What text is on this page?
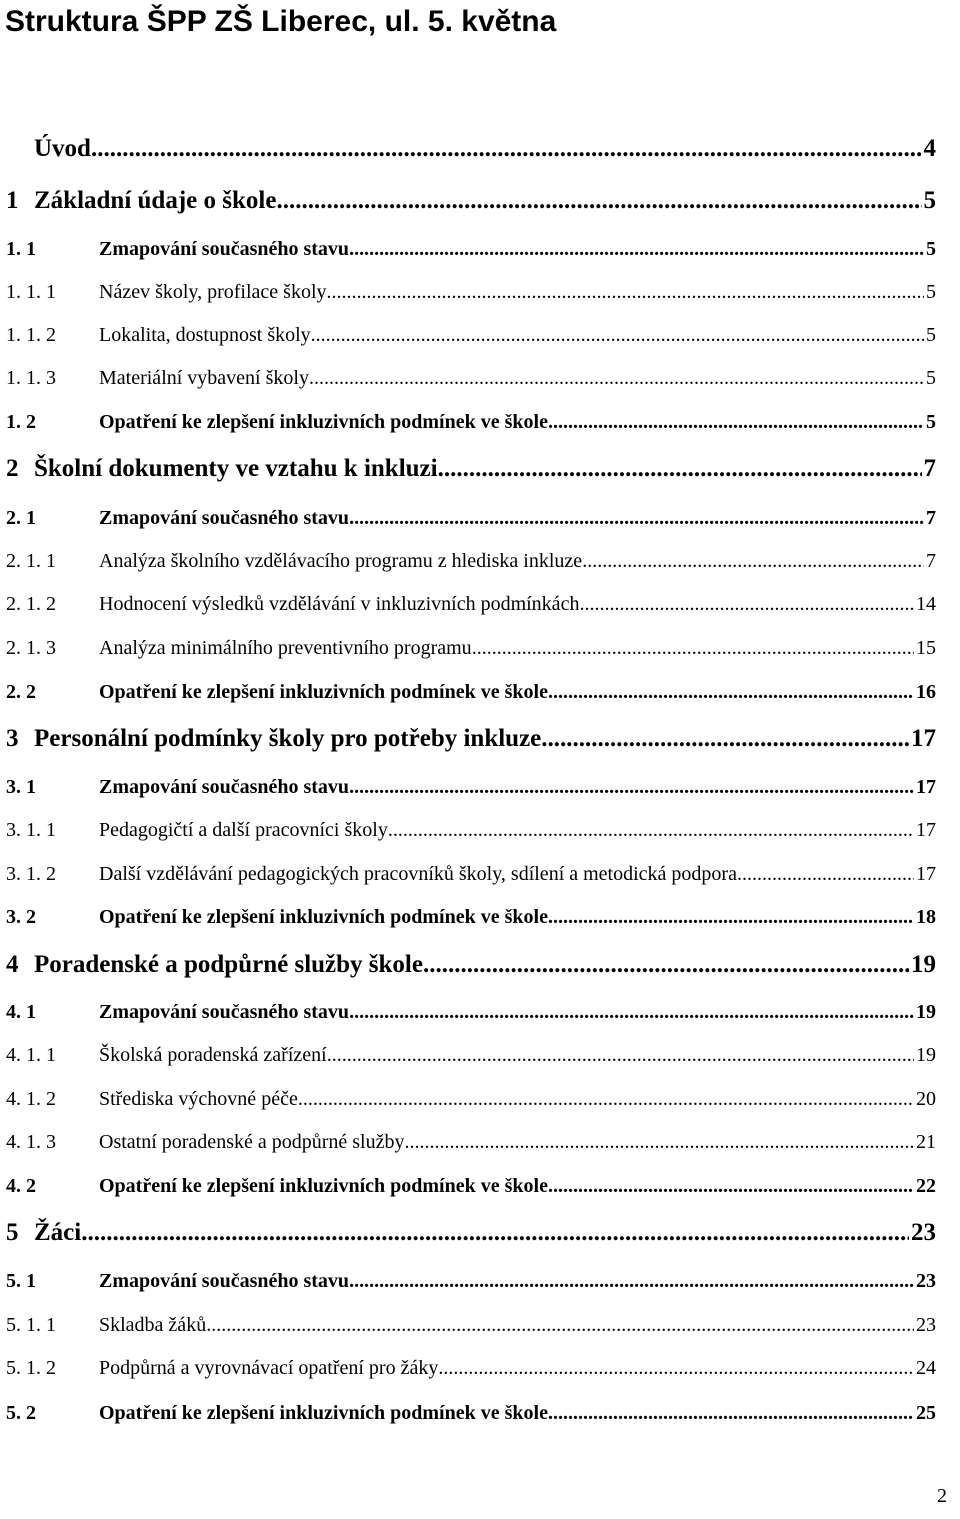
Struktura ŠPP ZŠ Liberec, ul. 5. května
Úvod .....	4
1 Základní údaje o škole .....	5
1. 1	Zmapování současného stavu .....	5
1. 1. 1	Název školy, profilace školy .....	5
1. 1. 2	Lokalita, dostupnost školy .....	5
1. 1. 3	Materiální vybavení školy .....	5
1. 2	Opatření ke zlepšení inkluzivních podmínek ve škole .....	5
2 Školní dokumenty ve vztahu k inkluzi .....	7
2. 1	Zmapování současného stavu .....	7
2. 1. 1	Analýza školního vzdělávacího programu z hlediska inkluze .....	7
2. 1. 2	Hodnocení výsledků vzdělávání v inkluzivních podmínkách .....	14
2. 1. 3	Analýza minimálního preventivního programu .....	15
2. 2	Opatření ke zlepšení inkluzivních podmínek ve škole .....	16
3 Personální podmínky školy pro potřeby inkluze .....	17
3. 1	Zmapování současného stavu .....	17
3. 1. 1	Pedagogičtí a další pracovníci školy .....	17
3. 1. 2	Další vzdělávání pedagogických pracovníků školy, sdílení a metodická podpora .....	17
3. 2	Opatření ke zlepšení inkluzivních podmínek ve škole .....	18
4 Poradenské a podpůrné služby škole .....	19
4. 1	Zmapování současného stavu .....	19
4. 1. 1	Školská poradenská zařízení .....	19
4. 1. 2	Střediska výchovné péče .....	20
4. 1. 3	Ostatní poradenské a podpůrné služby .....	21
4. 2	Opatření ke zlepšení inkluzivních podmínek ve škole .....	22
5 Žáci .....	23
5. 1	Zmapování současného stavu .....	23
5. 1. 1	Skladba žáků .....	23
5. 1. 2	Podpůrná a vyrovnávací opatření pro žáky .....	24
5. 2	Opatření ke zlepšení inkluzivních podmínek ve škole .....	25
2
